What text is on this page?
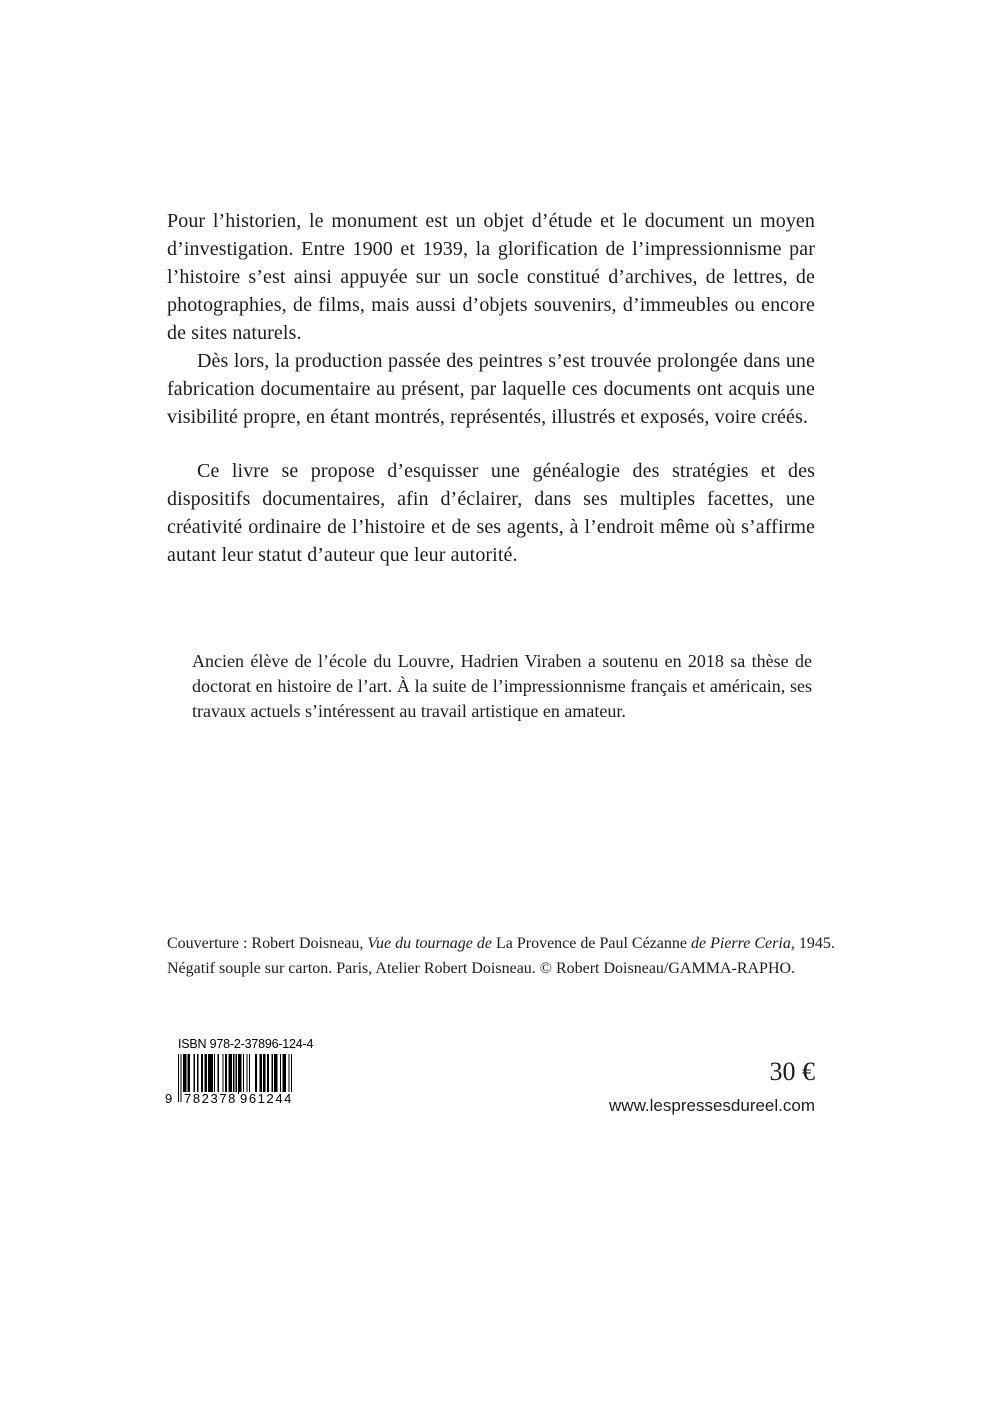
Pour l’historien, le monument est un objet d’étude et le document un moyen d’investigation. Entre 1900 et 1939, la glorification de l’impressionnisme par l’histoire s’est ainsi appuyée sur un socle constitué d’archives, de lettres, de photographies, de films, mais aussi d’objets souvenirs, d’immeubles ou encore de sites naturels.

Dès lors, la production passée des peintres s’est trouvée prolongée dans une fabrication documentaire au présent, par laquelle ces documents ont acquis une visibilité propre, en étant montrés, représentés, illustrés et exposés, voire créés.

Ce livre se propose d’esquisser une généalogie des stratégies et des dispositifs documentaires, afin d’éclairer, dans ses multiples facettes, une créativité ordinaire de l’histoire et de ses agents, à l’endroit même où s’affirme autant leur statut d’auteur que leur autorité.

Ancien élève de l’école du Louvre, Hadrien Viraben a soutenu en 2018 sa thèse de doctorat en histoire de l’art. À la suite de l’impressionnisme français et américain, ses travaux actuels s’intéressent au travail artistique en amateur.

Couverture : Robert Doisneau, Vue du tournage de La Provence de Paul Cézanne de Pierre Ceria, 1945.

Négatif souple sur carton. Paris, Atelier Robert Doisneau. © Robert Doisneau/GAMMA-RAPHO.

ISBN 978-2-37896-124-4
9 782378 961244
30 €
www.lespressesdureel.com
